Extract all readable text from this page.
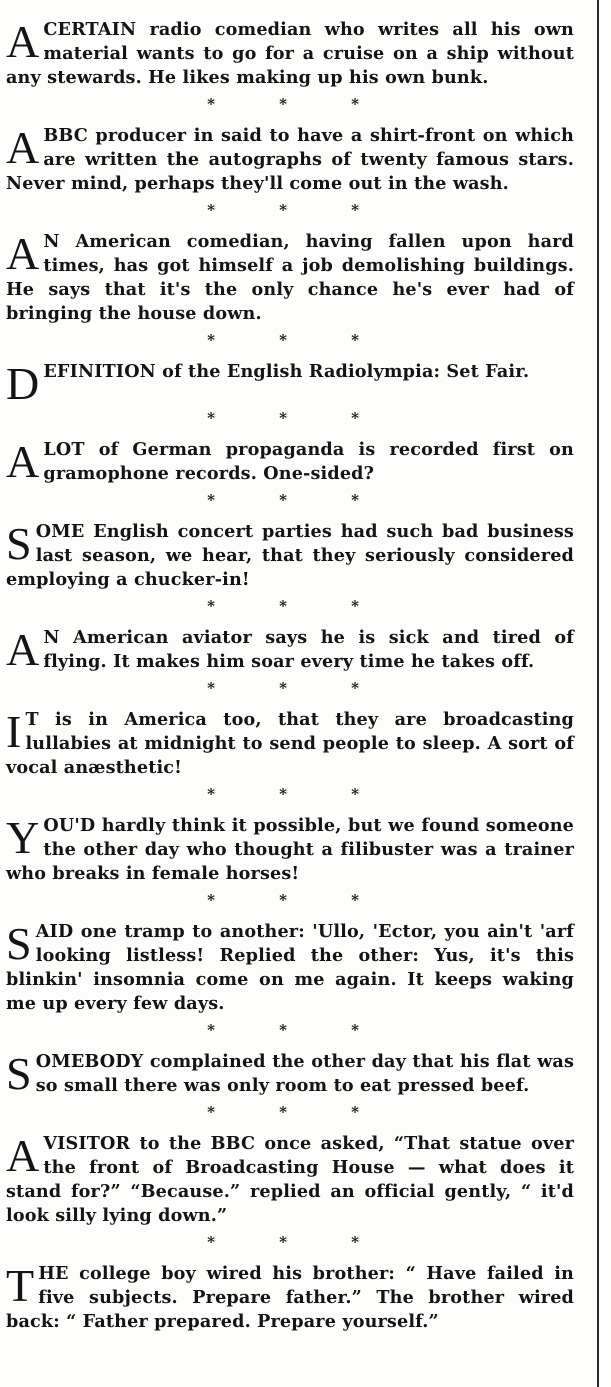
ACERTAIN radio comedian who writes all his own material wants to go for a cruise on a ship without any stewards. He likes making up his own bunk.

*	*	*

A BBC producer in said to have a shirt-front on which are written the autographs of twenty famous stars. Never mind, perhaps they'll come out in the wash.

*	*	*

A N American comedian, having fallen upon hard times, has got himself a job demolishing buildings. He says that it's the only chance he's ever had of bringing the house down.

*	*	*

DEFINITION of the English Radiolympia: Set Fair.

*	*	*

A LOT of German propaganda is recorded first on gramophone records. One-sided?

*	*	*

SOME English concert parties had such bad business last season, we hear, that they seriously considered employing a chucker-in!

*	*	*

A N American aviator says he is sick and tired of flying. It makes him soar every time he takes off.

*	*	*

I T is in America too, that they are broadcasting lullabies at midnight to send people to sleep. A sort of vocal anæsthetic!

*	*	*

YOU'D hardly think it possible, but we found someone the other day who thought a filibuster was a trainer who breaks in female horses!

*	*	*

SAID one tramp to another: 'Ullo, 'Ector, you ain't 'arf looking listless! Replied the other: Yus, it's this blinkin' insomnia come on me again. It keeps waking me up every few days.

*	*	*

SOMEBODY complained the other day that his flat was so small there was only room to eat pressed beef.

*	*	*

A VISITOR to the BBC once asked, “That statue over the front of Broadcasting House — what does it stand for?” “Because.” replied an official gently, “ it'd look silly lying down.”

*	*	*

THE college boy wired his brother: “ Have failed in five subjects. Prepare father.” The brother wired back: “ Father prepared. Prepare yourself.”
